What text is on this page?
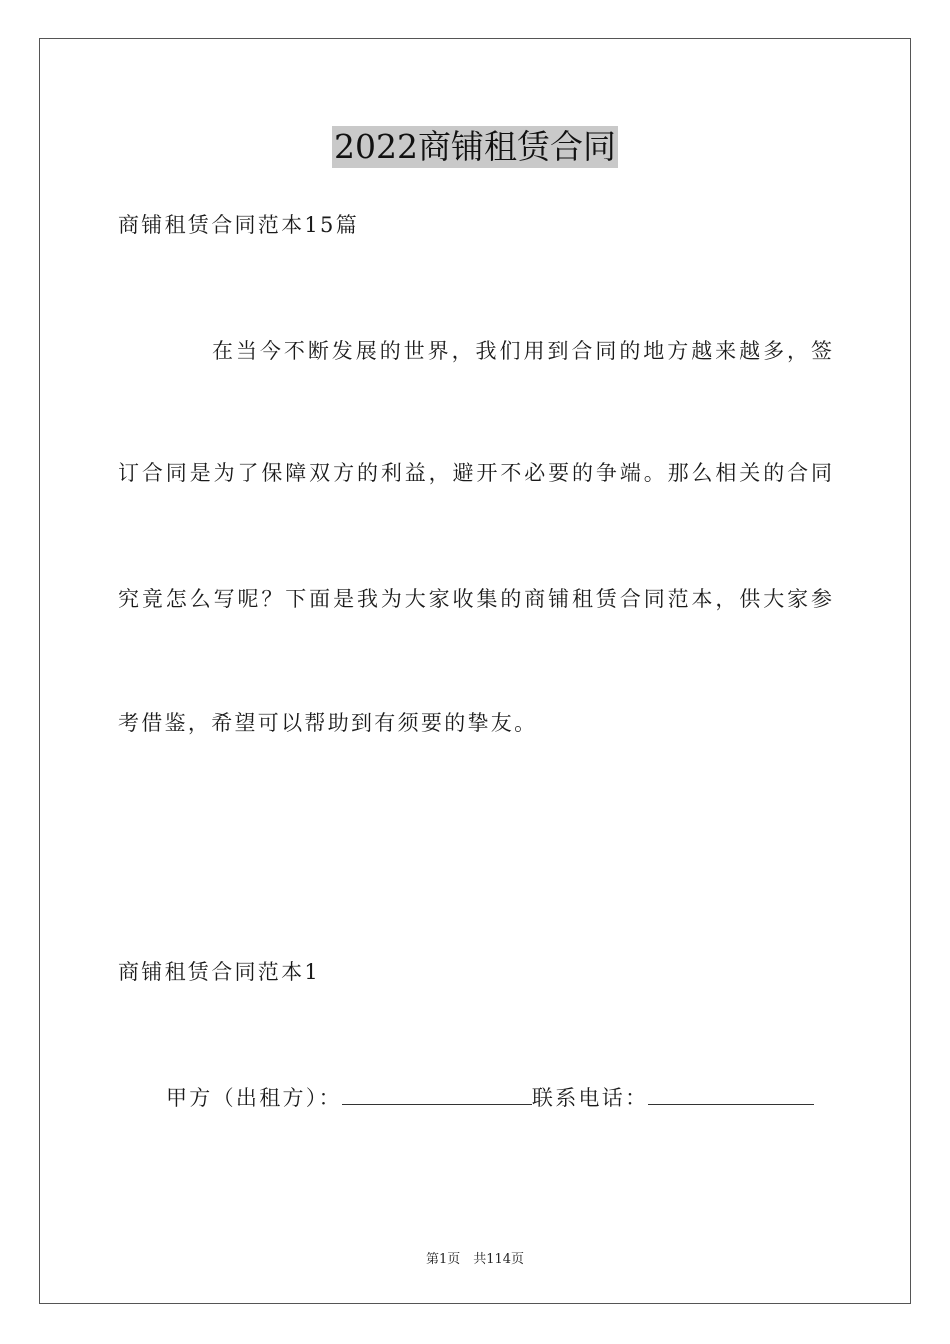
2022商铺租赁合同
商铺租赁合同范本15篇
在当今不断发展的世界，我们用到合同的地方越来越多，签
订合同是为了保障双方的利益，避开不必要的争端。那么相关的合同
究竟怎么写呢？下面是我为大家收集的商铺租赁合同范本，供大家参
考借鉴，希望可以帮助到有须要的挚友。
商铺租赁合同范本1
甲方（出租方）：	联系电话：
第1页　共114页
